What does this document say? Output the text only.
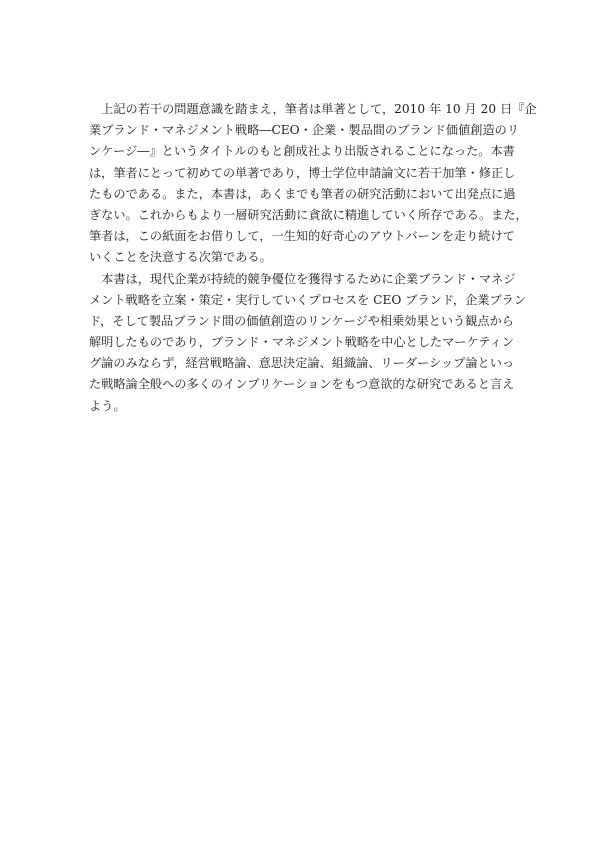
　上記の若干の問題意識を踏まえ，筆者は単著として，2010 年 10 月 20 日『企
業ブランド・マネジメント戦略―CEO・企業・製品間のブランド価値創造のリ
ンケージ―』というタイトルのもと創成社より出版されることになった。本書
は，筆者にとって初めての単著であり，博士学位申請論文に若干加筆・修正し
たものである。また，本書は，あくまでも筆者の研究活動において出発点に過
ぎない。これからもより一層研究活動に貪欲に精進していく所存である。また，
筆者は，この紙面をお借りして，一生知的好奇心のアウトバーンを走り続けて
いくことを決意する次第である。

　本書は，現代企業が持続的競争優位を獲得するために企業ブランド・マネジ
メント戦略を立案・策定・実行していくプロセスを CEO ブランド，企業ブラン
ド，そして製品ブランド間の価値創造のリンケージや相乗効果という観点から
解明したものであり，ブランド・マネジメント戦略を中心としたマーケティン
グ論のみならず，経営戦略論、意思決定論、組織論、リーダーシップ論といっ
た戦略論全般への多くのインプリケーションをもつ意欲的な研究であると言え
よう。
